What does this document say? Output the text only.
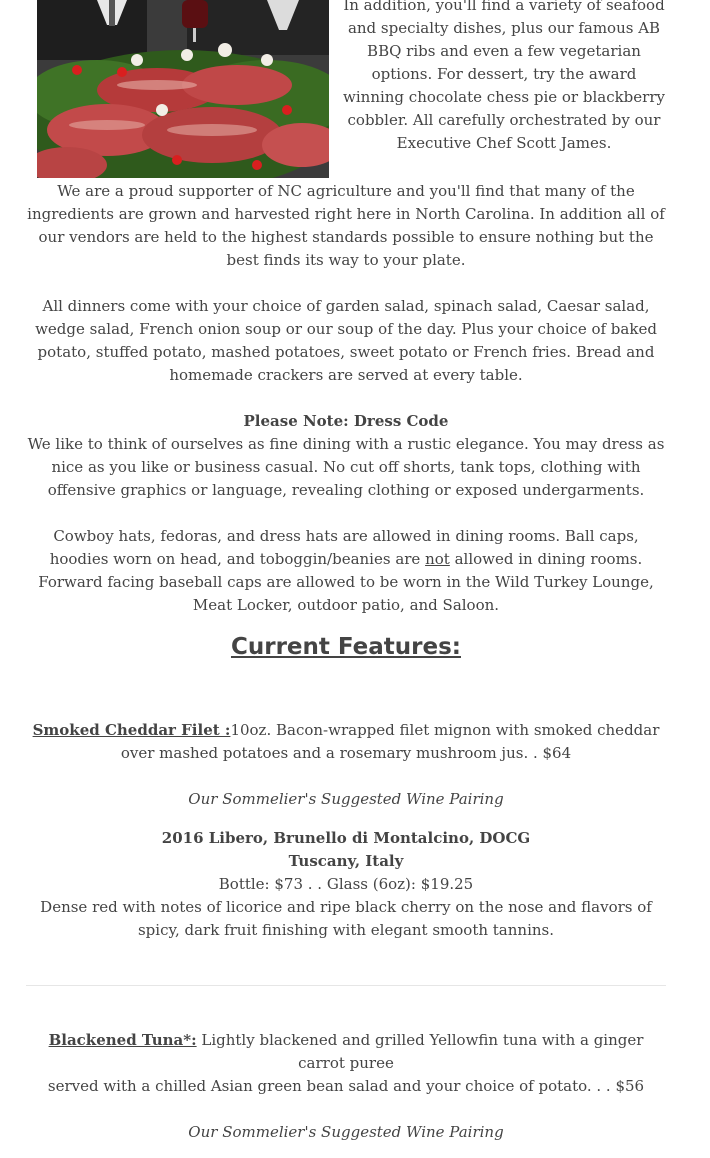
In addition, you'll find a variety of seafood and specialty dishes, plus our famous AB BBQ ribs and even a few vegetarian options. For dessert, try the award winning chocolate chess pie or blackberry cobbler. All carefully orchestrated by our Executive Chef Scott James.
We are a proud supporter of NC agriculture and you'll find that many of the ingredients are grown and harvested right here in North Carolina. In addition all of our vendors are held to the highest standards possible to ensure nothing but the best finds its way to your plate.
All dinners come with your choice of garden salad, spinach salad, Caesar salad, wedge salad, French onion soup or our soup of the day. Plus your choice of baked potato, stuffed potato, mashed potatoes, sweet potato or French fries. Bread and homemade crackers are served at every table.
Please Note: Dress Code
We like to think of ourselves as fine dining with a rustic elegance. You may dress as nice as you like or business casual. No cut off shorts, tank tops, clothing with offensive graphics or language, revealing clothing or exposed undergarments.
Cowboy hats, fedoras, and dress hats are allowed in dining rooms. Ball caps, hoodies worn on head, and toboggin/beanies are not allowed in dining rooms. Forward facing baseball caps are allowed to be worn in the Wild Turkey Lounge, Meat Locker, outdoor patio, and Saloon.
Current Features:
Smoked Cheddar Filet :10oz. Bacon-wrapped filet mignon with smoked cheddar over mashed potatoes and a rosemary mushroom jus. . $64
Our Sommelier's Suggested Wine Pairing
2016 Libero, Brunello di Montalcino, DOCG
Tuscany, Italy
Bottle: $73 . . Glass (6oz): $19.25
Dense red with notes of licorice and ripe black cherry on the nose and flavors of spicy, dark fruit finishing with elegant smooth tannins.
Blackened Tuna*: Lightly blackened and grilled Yellowfin tuna with a ginger carrot puree
served with a chilled Asian green bean salad and your choice of potato. . . $56
Our Sommelier's Suggested Wine Pairing
